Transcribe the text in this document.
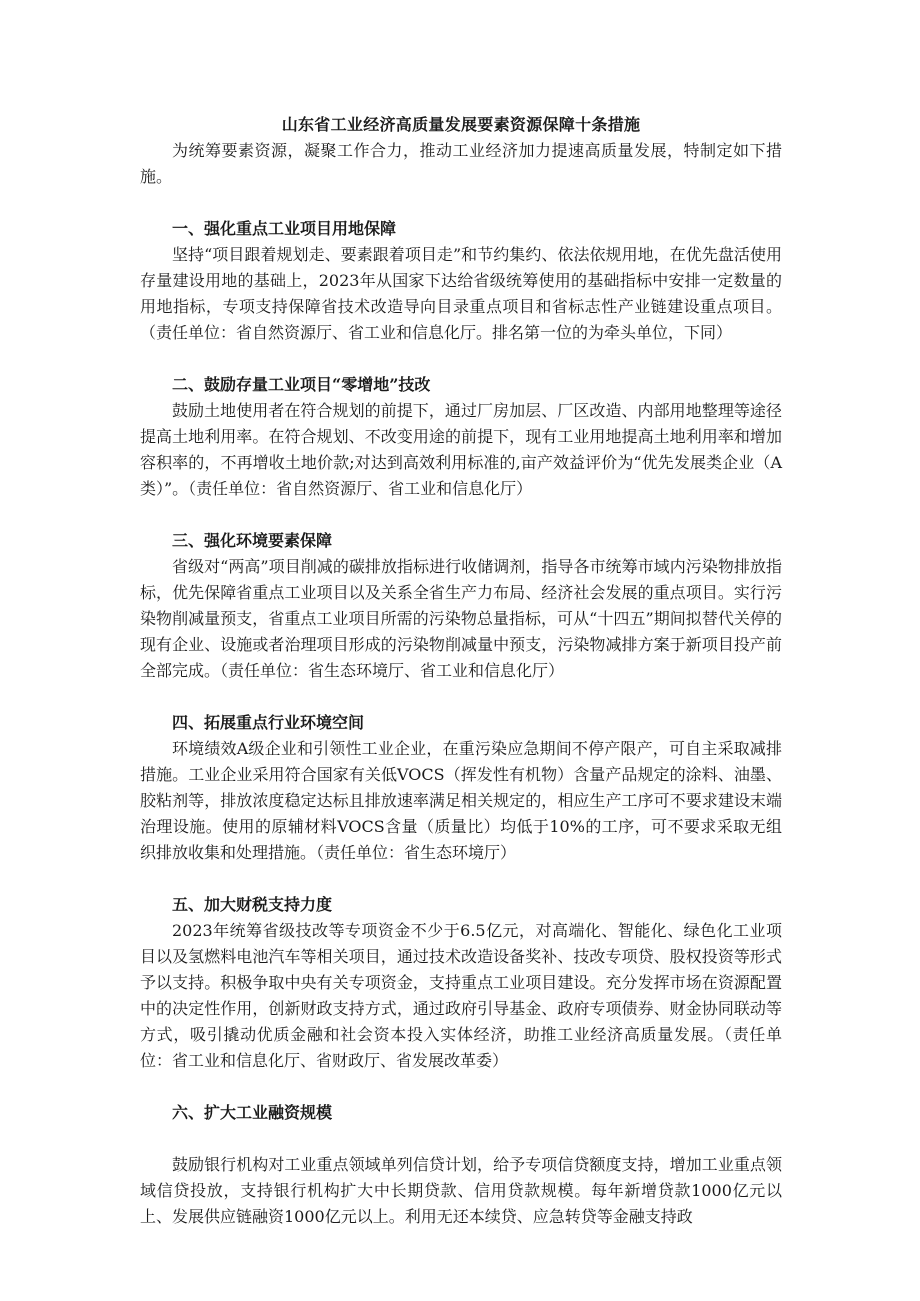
山东省工业经济高质量发展要素资源保障十条措施

为统筹要素资源，凝聚工作合力，推动工业经济加力提速高质量发展，特制定如下措施。

一、强化重点工业项目用地保障

坚持“项目跟着规划走、要素跟着项目走”和节约集约、依法依规用地，在优先盘活使用存量建设用地的基础上，2023年从国家下达给省级统筹使用的基础指标中安排一定数量的用地指标，专项支持保障省技术改造导向目录重点项目和省标志性产业链建设重点项目。（责任单位：省自然资源厅、省工业和信息化厅。排名第一位的为牵头单位，下同）

二、鼓励存量工业项目“零增地”技改

鼓励土地使用者在符合规划的前提下，通过厂房加层、厂区改造、内部用地整理等途径提高土地利用率。在符合规划、不改变用途的前提下，现有工业用地提高土地利用率和增加容积率的，不再增收土地价款;对达到高效利用标准的,亩产效益评价为“优先发展类企业（A类）”。（责任单位：省自然资源厅、省工业和信息化厅）

三、强化环境要素保障

省级对“两高”项目削减的碳排放指标进行收储调剂，指导各市统筹市域内污染物排放指标，优先保障省重点工业项目以及关系全省生产力布局、经济社会发展的重点项目。实行污染物削减量预支，省重点工业项目所需的污染物总量指标，可从“十四五”期间拟替代关停的现有企业、设施或者治理项目形成的污染物削减量中预支，污染物减排方案于新项目投产前全部完成。（责任单位：省生态环境厅、省工业和信息化厅）

四、拓展重点行业环境空间

环境绩效A级企业和引领性工业企业，在重污染应急期间不停产限产，可自主采取减排措施。工业企业采用符合国家有关低VOCS（挥发性有机物）含量产品规定的涂料、油墨、胶粘剂等，排放浓度稳定达标且排放速率满足相关规定的，相应生产工序可不要求建设末端治理设施。使用的原辅材料VOCS含量（质量比）均低于10%的工序，可不要求采取无组织排放收集和处理措施。（责任单位：省生态环境厅）

五、加大财税支持力度

2023年统筹省级技改等专项资金不少于6.5亿元，对高端化、智能化、绿色化工业项目以及氢燃料电池汽车等相关项目，通过技术改造设备奖补、技改专项贷、股权投资等形式予以支持。积极争取中央有关专项资金，支持重点工业项目建设。充分发挥市场在资源配置中的决定性作用，创新财政支持方式，通过政府引导基金、政府专项债券、财金协同联动等方式，吸引撬动优质金融和社会资本投入实体经济，助推工业经济高质量发展。（责任单位：省工业和信息化厅、省财政厅、省发展改革委）

六、扩大工业融资规模

鼓励银行机构对工业重点领域单列信贷计划，给予专项信贷额度支持，增加工业重点领域信贷投放，支持银行机构扩大中长期贷款、信用贷款规模。每年新增贷款1000亿元以上、发展供应链融资1000亿元以上。利用无还本续贷、应急转贷等金融支持政
